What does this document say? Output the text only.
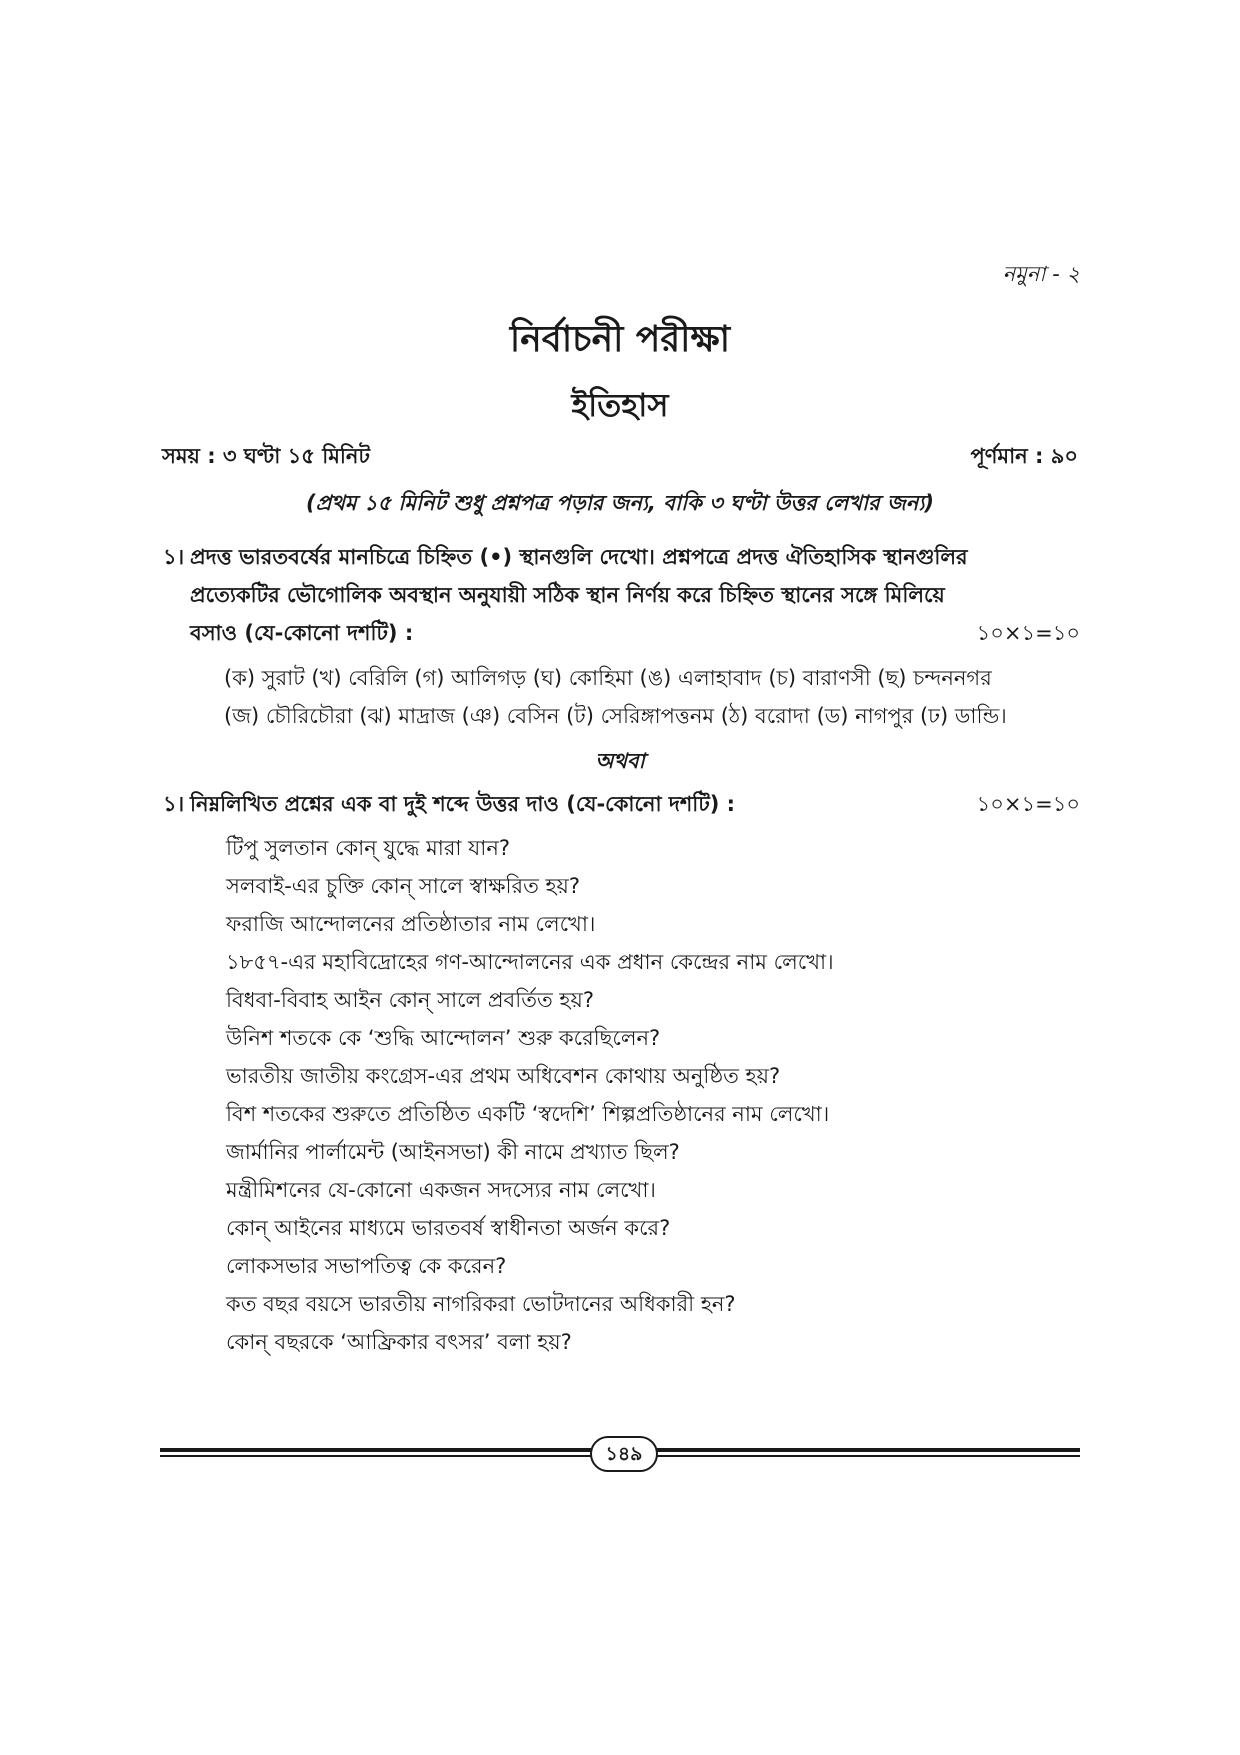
নমুনা - ২
নির্বাচনী পরীক্ষা
ইতিহাস
সময় : ৩ ঘণ্টা ১৫ মিনিট	পূর্ণমান : ৯০
(প্রথম ১৫ মিনিট শুধু প্রশ্নপত্র পড়ার জন্য, বাকি ৩ ঘণ্টা উত্তর লেখার জন্য)
১। প্রদত্ত ভারতবর্ষের মানচিত্রে চিহ্নিত (•) স্থানগুলি দেখো। প্রশ্নপত্রে প্রদত্ত ঐতিহাসিক স্থানগুলির
প্রত্যেকটির ভৌগোলিক অবস্থান অনুযায়ী সঠিক স্থান নির্ণয় করে চিহ্নিত স্থানের সঙ্গে মিলিয়ে
বসাও (যে-কোনো দশটি) :	১০×১=১০
(ক) সুরাট (খ) বেরিলি (গ) আলিগড় (ঘ) কোহিমা (ঙ) এলাহাবাদ (চ) বারাণসী (ছ) চন্দননগর
(জ) চৌরিচৌরা (ঝ) মাদ্রাজ (ঞ) বেসিন (ট) সেরিঙ্গাপত্তনম (ঠ) বরোদা (ড) নাগপুর (ঢ) ডান্ডি।
অথবা
১। নিম্নলিখিত প্রশ্নের এক বা দুই শব্দে উত্তর দাও (যে-কোনো দশটি) :	১০×১=১০
টিপু সুলতান কোন্ যুদ্ধে মারা যান?
সলবাই-এর চুক্তি কোন্ সালে স্বাক্ষরিত হয়?
ফরাজি আন্দোলনের প্রতিষ্ঠাতার নাম লেখো।
১৮৫৭-এর মহাবিদ্রোহের গণ-আন্দোলনের এক প্রধান কেন্দ্রের নাম লেখো।
বিধবা-বিবাহ আইন কোন্ সালে প্রবর্তিত হয়?
উনিশ শতকে কে ‘শুদ্ধি আন্দোলন’ শুরু করেছিলেন?
ভারতীয় জাতীয় কংগ্রেস-এর প্রথম অধিবেশন কোথায় অনুষ্ঠিত হয়?
বিশ শতকের শুরুতে প্রতিষ্ঠিত একটি ‘স্বদেশি’ শিল্পপ্রতিষ্ঠানের নাম লেখো।
জার্মানির পার্লামেন্ট (আইনসভা) কী নামে প্রখ্যাত ছিল?
মন্ত্রীমিশনের যে-কোনো একজন সদস্যের নাম লেখো।
কোন্ আইনের মাধ্যমে ভারতবর্ষ স্বাধীনতা অর্জন করে?
লোকসভার সভাপতিত্ব কে করেন?
কত বছর বয়সে ভারতীয় নাগরিকরা ভোটদানের অধিকারী হন?
কোন্ বছরকে ‘আফ্রিকার বৎসর’ বলা হয়?
১৪৯
